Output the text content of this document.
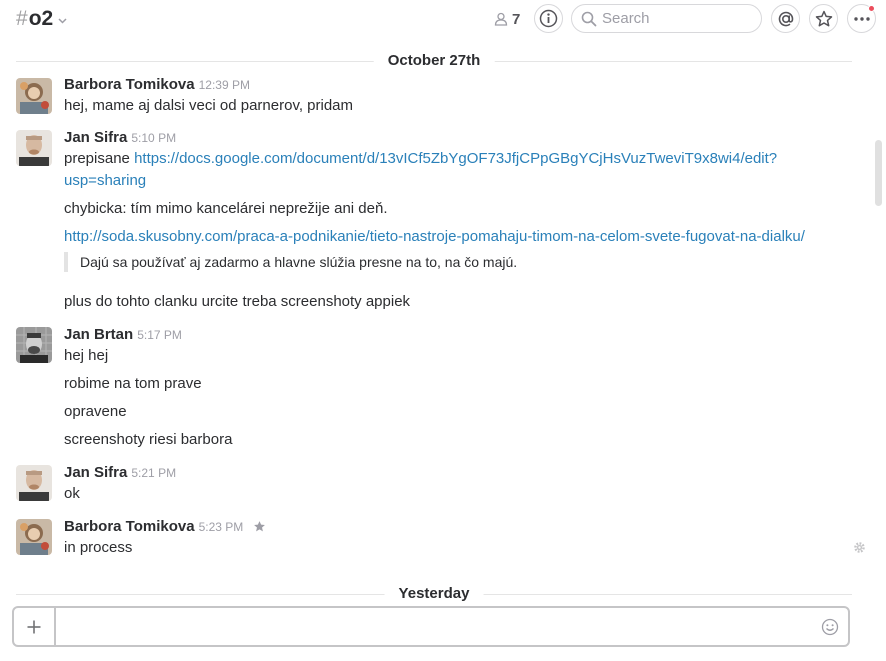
# o2	7
Search
October 27th
Barbora Tomikova 12:39 PM
hej, mame aj dalsi veci od parnerov, pridam
Jan Sifra 5:10 PM
prepisane https://docs.google.com/document/d/13vICf5ZbYgOF73JfjCPpGBgYCjHsVuzTweviT9x8wi4/edit?
usp=sharing
chybicka: tím mimo kancelárei neprežije ani deň.
http://soda.skusobny.com/praca-a-podnikanie/tieto-nastroje-pomahaju-timom-na-celom-svete-fugovat-na-dialku/
Dajú sa používať aj zadarmo a hlavne slúžia presne na to, na čo majú.
plus do tohto clanku urcite treba screenshoty appiek
Jan Brtan 5:17 PM
hej hej
robime na tom prave
opravene
screenshoty riesi barbora
Jan Sifra 5:21 PM
ok
Barbora Tomikova 5:23 PM
in process
Yesterday
